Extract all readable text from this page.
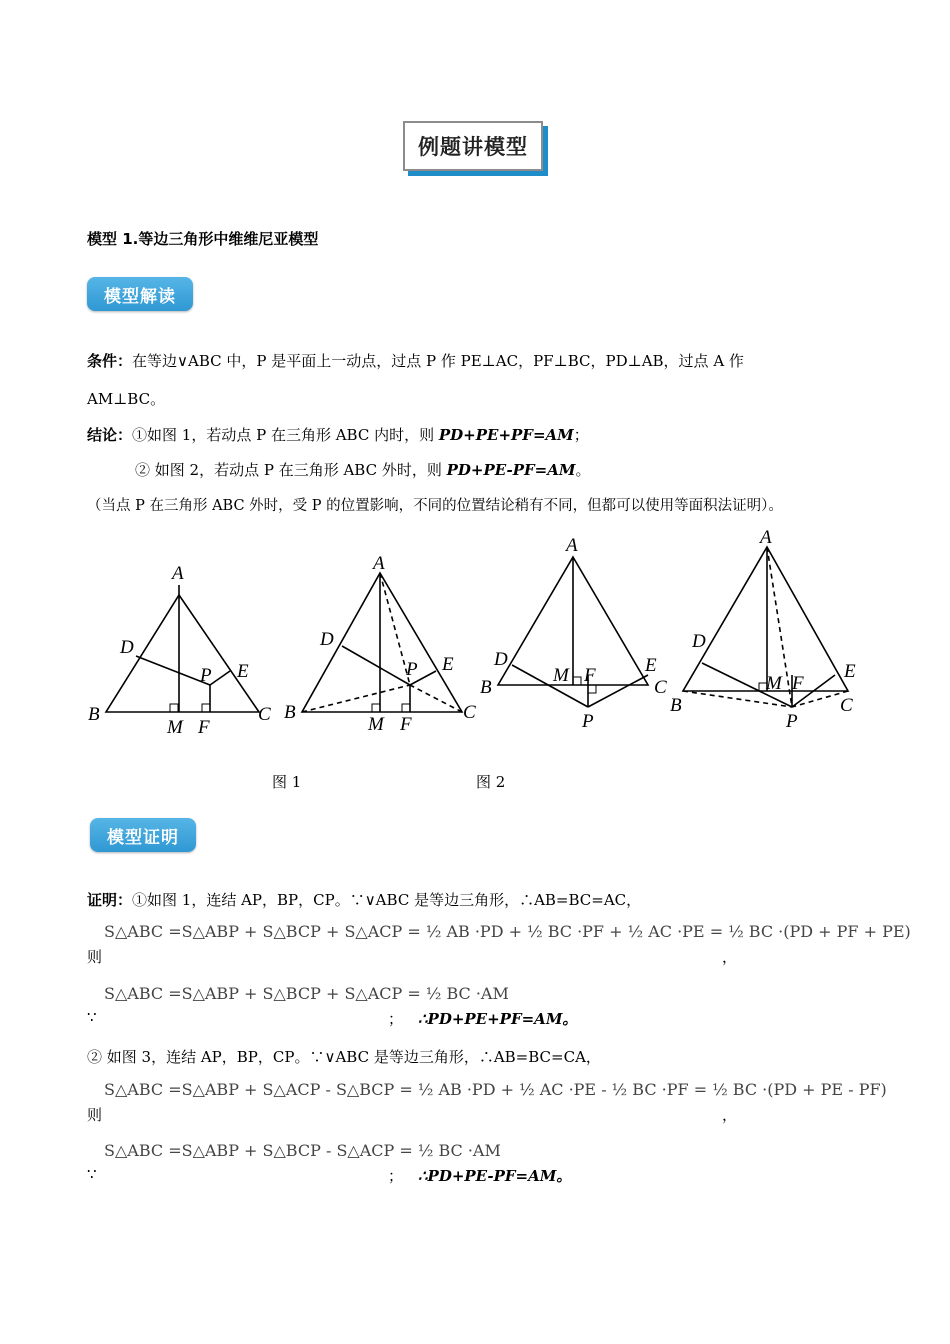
例题讲模型
模型 1.等边三角形中维维尼亚模型
模型解读
条件：在等边∨ABC 中，P 是平面上一动点，过点 P 作 PE⊥AC，PF⊥BC，PD⊥AB，过点 A 作
AM⊥BC。
结论：①如图 1，若动点 P 在三角形 ABC 内时，则 PD+PE+PF=AM；
② 如图 2，若动点 P 在三角形 ABC 外时，则 PD+PE-PF=AM。
（当点 P 在三角形 ABC 外时，受 P 的位置影响，不同的位置结论稍有不同，但都可以使用等面积法证明）。
A
D
P E
B	C
M F
A
D
P E
B	C
M F
A
D	E
B	C
M F
P
A
D
E
B	C
M F
P
图 1	图 2
模型证明
证明：①如图 1，连结 AP，BP，CP。∵∨ABC 是等边三角形，∴AB=BC=AC，
则
S△ABC =S△ABP + S△BCP + S△ACP = ½ AB ·PD + ½ BC ·PF + ½ AC ·PE = ½ BC ·(PD + PF + PE)
，
∵
S△ABC =S△ABP + S△BCP + S△ACP = ½ BC ·AM
； ∴PD+PE+PF=AM。
② 如图 3，连结 AP，BP，CP。∵∨ABC 是等边三角形，∴AB=BC=CA，
则
S△ABC =S△ABP + S△ACP - S△BCP = ½ AB ·PD + ½ AC ·PE - ½ BC ·PF = ½ BC ·(PD + PE - PF)
，
∵
S△ABC =S△ABP + S△BCP - S△ACP = ½ BC ·AM
； ∴PD+PE-PF=AM。
